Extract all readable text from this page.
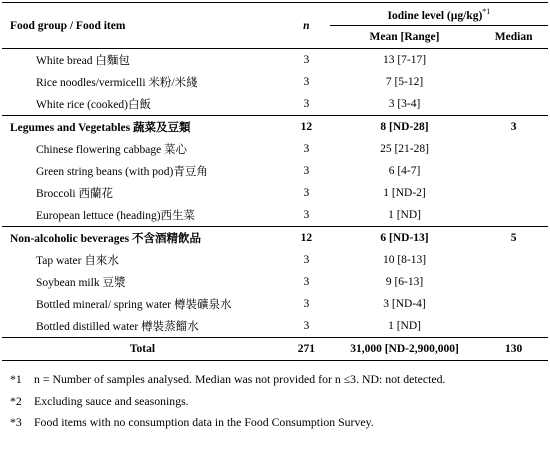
Food group / Food item	n	Iodine level $(\mu g/kg)^{*1}$
		Mean [Range]	Median
White bread 白麵包	3	13 [7-17]	
Rice noodles/vermicelli 米粉/米綫	3	7 [5-12]	
White rice (cooked)白飯	3	3 [3-4]	
Legumes and Vegetables 蔬菜及豆類	12	8 [ND-28]	3
Chinese flowering cabbage 菜心	3	25 [21-28]	
Green string beans (with pod)青豆角	3	6 [4-7]	
Broccoli 西蘭花	3	1 [ND-2]	
European lettuce (heading)西生菜	3	1 [ND]	
Non-alcoholic beverages 不含酒精飲品	12	6 [ND-13]	5
Tap water 自來水	3	10 [8-13]	
Soybean milk 豆漿	3	9 [6-13]	
Bottled mineral/ spring water 樽裝礦泉水	3	3 [ND-4]	
Bottled distilled water 樽裝蒸餾水	3	1 [ND]	
Total	271	31,000 [ND-2,900,000]	130
*1	n = Number of samples analysed. Median was not provided for n ≤3. ND: not detected.
*2	Excluding sauce and seasonings.
*3	Food items with no consumption data in the Food Consumption Survey.
